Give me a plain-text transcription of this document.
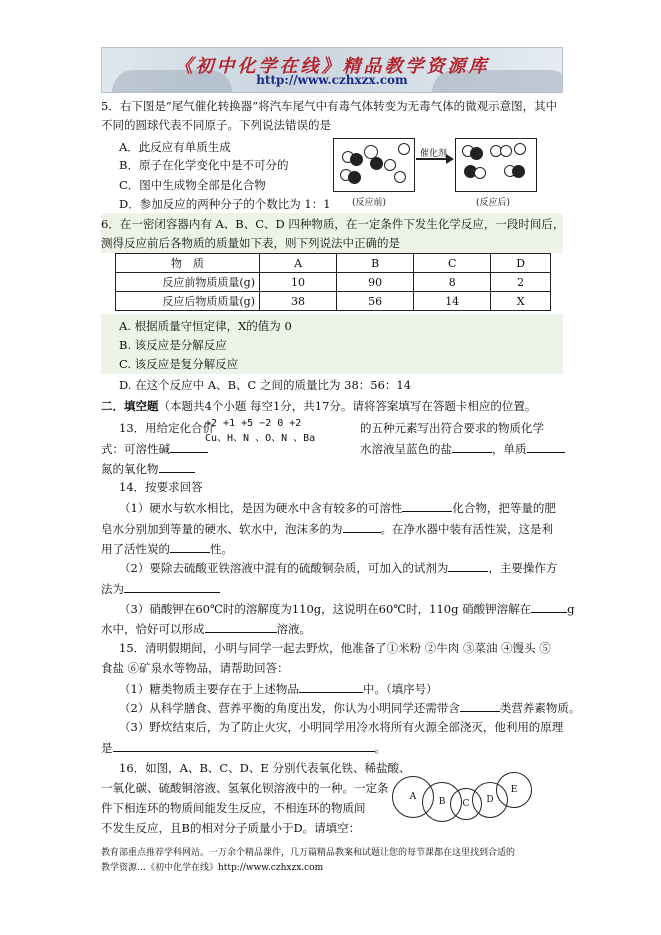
《初中化学在线》精品教学资源库
http://www.czhxzx.com
5．右下图是“尾气催化转换器”将汽车尾气中有毒气体转变为无毒气体的微观示意图，其中
不同的圆球代表不同原子。下列说法错误的是
A．此反应有单质生成
B．原子在化学变化中是不可分的
C．图中生成物全部是化合物
D．参加反应的两种分子的个数比为 1：1
催化剂
(反应前)	(反应后)
6．在一密闭容器内有 A、B、C、D 四种物质，在一定条件下发生化学反应，一段时间后，
测得反应前后各物质的质量如下表，则下列说法中正确的是
物　质	A	B	C	D
反应前物质质量(g)	10	90	8	2
反应后物质质量(g)	38	56	14	X
A. 根据质量守恒定律，X的值为 0
B. 该反应是分解反应
C. 该反应是复分解反应
D. 在这个反应中 A、B、C 之间的质量比为 38：56：14
二．填空题（本题共4个小题 每空1分，共17分。请将答案填写在答题卡相应的位置。
13．用给定化合价
+2 +1 +5 −2 0 +2
Cu、H、N 、O、N 、Ba
的五种元素写出符合要求的物质化学
式：可溶性碱	水溶液呈蓝色的盐	，单质
氮的氧化物
14．按要求回答
（1）硬水与软水相比，是因为硬水中含有较多的可溶性	化合物，把等量的肥
皂水分别加到等量的硬水、软水中，泡沫多的为	。在净水器中装有活性炭，这是利
用了活性炭的	性。
（2）要除去硫酸亚铁溶液中混有的硫酸铜杂质，可加入的试剂为	，主要操作方
法为
（3）硝酸钾在60℃时的溶解度为110g，这说明在60℃时，110g 硝酸钾溶解在	g
水中，恰好可以形成	溶液。
15．清明假期间，小明与同学一起去野炊，他准备了①米粉 ②牛肉 ③菜油 ④馒头 ⑤
食盐 ⑥矿泉水等物品，请帮助回答：
（1）糖类物质主要存在于上述物品	中。（填序号）
（2）从科学膳食、营养平衡的角度出发，你认为小明同学还需带含	类营养素物质。
（3）野炊结束后，为了防止火灾，小明同学用冷水将所有火源全部浇灭，他利用的原理
是	。
16．如图，A、B、C、D、E 分别代表氧化铁、稀盐酸、
一氧化碳、硫酸铜溶液、氢氧化钡溶液中的一种。一定条
件下相连环的物质间能发生反应，不相连环的物质间
不发生反应，且B的相对分子质量小于D。请填空：
A	B	C	D
E
教育部重点推荐学科网站。一万余个精品课件，几万篇精品教案和试题让您的每节课都在这里找到合适的
教学资源…《初中化学在线》http://www.czhxzx.com
